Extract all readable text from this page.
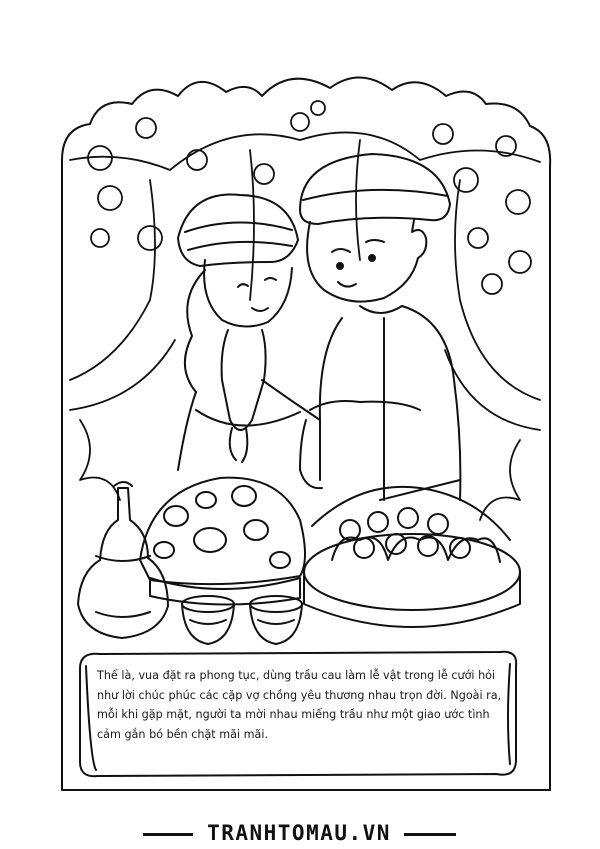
Thế là, vua đặt ra phong tục, dùng trầu cau làm lễ vật trong lễ cưới hỏi
như lời chúc phúc các cặp vợ chồng yêu thương nhau trọn đời. Ngoài ra,
mỗi khi gặp mặt, người ta mời nhau miếng trầu như một giao ước tình
cảm gắn bó bền chặt mãi mãi.
TRANHTOMAU.VN
